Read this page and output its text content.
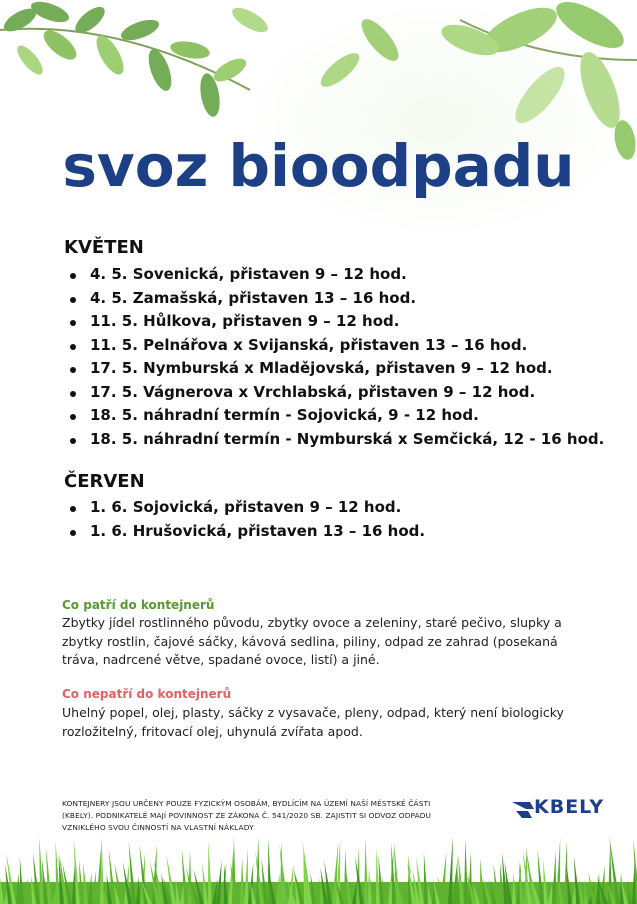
svoz bioodpadu
KVĚTEN
4. 5. Sovenická, přistaven 9 – 12 hod.
4. 5. Zamašská, přistaven 13 – 16 hod.
11. 5. Hůlkova, přistaven 9 – 12 hod.
11. 5. Pelnářova x Svijanská, přistaven 13 – 16 hod.
17. 5. Nymburská x Mladějovská, přistaven 9 – 12 hod.
17. 5. Vágnerova x Vrchlabská, přistaven 9 – 12 hod.
18. 5. náhradní termín - Sojovická, 9 - 12 hod.
18. 5. náhradní termín - Nymburská x Semčická, 12 - 16 hod.
ČERVEN
1. 6. Sojovická, přistaven 9 – 12 hod.
1. 6. Hrušovická, přistaven 13 – 16 hod.

Co patří do kontejnerů

Zbytky jídel rostlinného původu, zbytky ovoce a zeleniny, staré pečivo, slupky a zbytky rostlin, čajové sáčky, kávová sedlina, piliny, odpad ze zahrad (posekaná tráva, nadrcené větve, spadané ovoce, listí) a jiné.

Co nepatří do kontejnerů

Uhelný popel, olej, plasty, sáčky z vysavače, pleny, odpad, který není biologicky rozložitelný, fritovací olej, uhynulá zvířata apod.

KONTEJNERY JSOU URČENY POUZE FYZICKÝM OSOBÁM, BYDLÍCÍM NA ÚZEMÍ NAŠÍ MĚSTSKÉ ČÁSTI (KBELY). PODNIKATELÉ MAJÍ POVINNOST ZE ZÁKONA Č. 541/2020 SB. ZAJISTIT SI ODVOZ ODPADU VZNIKLÉHO SVOU ČINNOSTÍ NA VLASTNÍ NÁKLADY

KBELY
